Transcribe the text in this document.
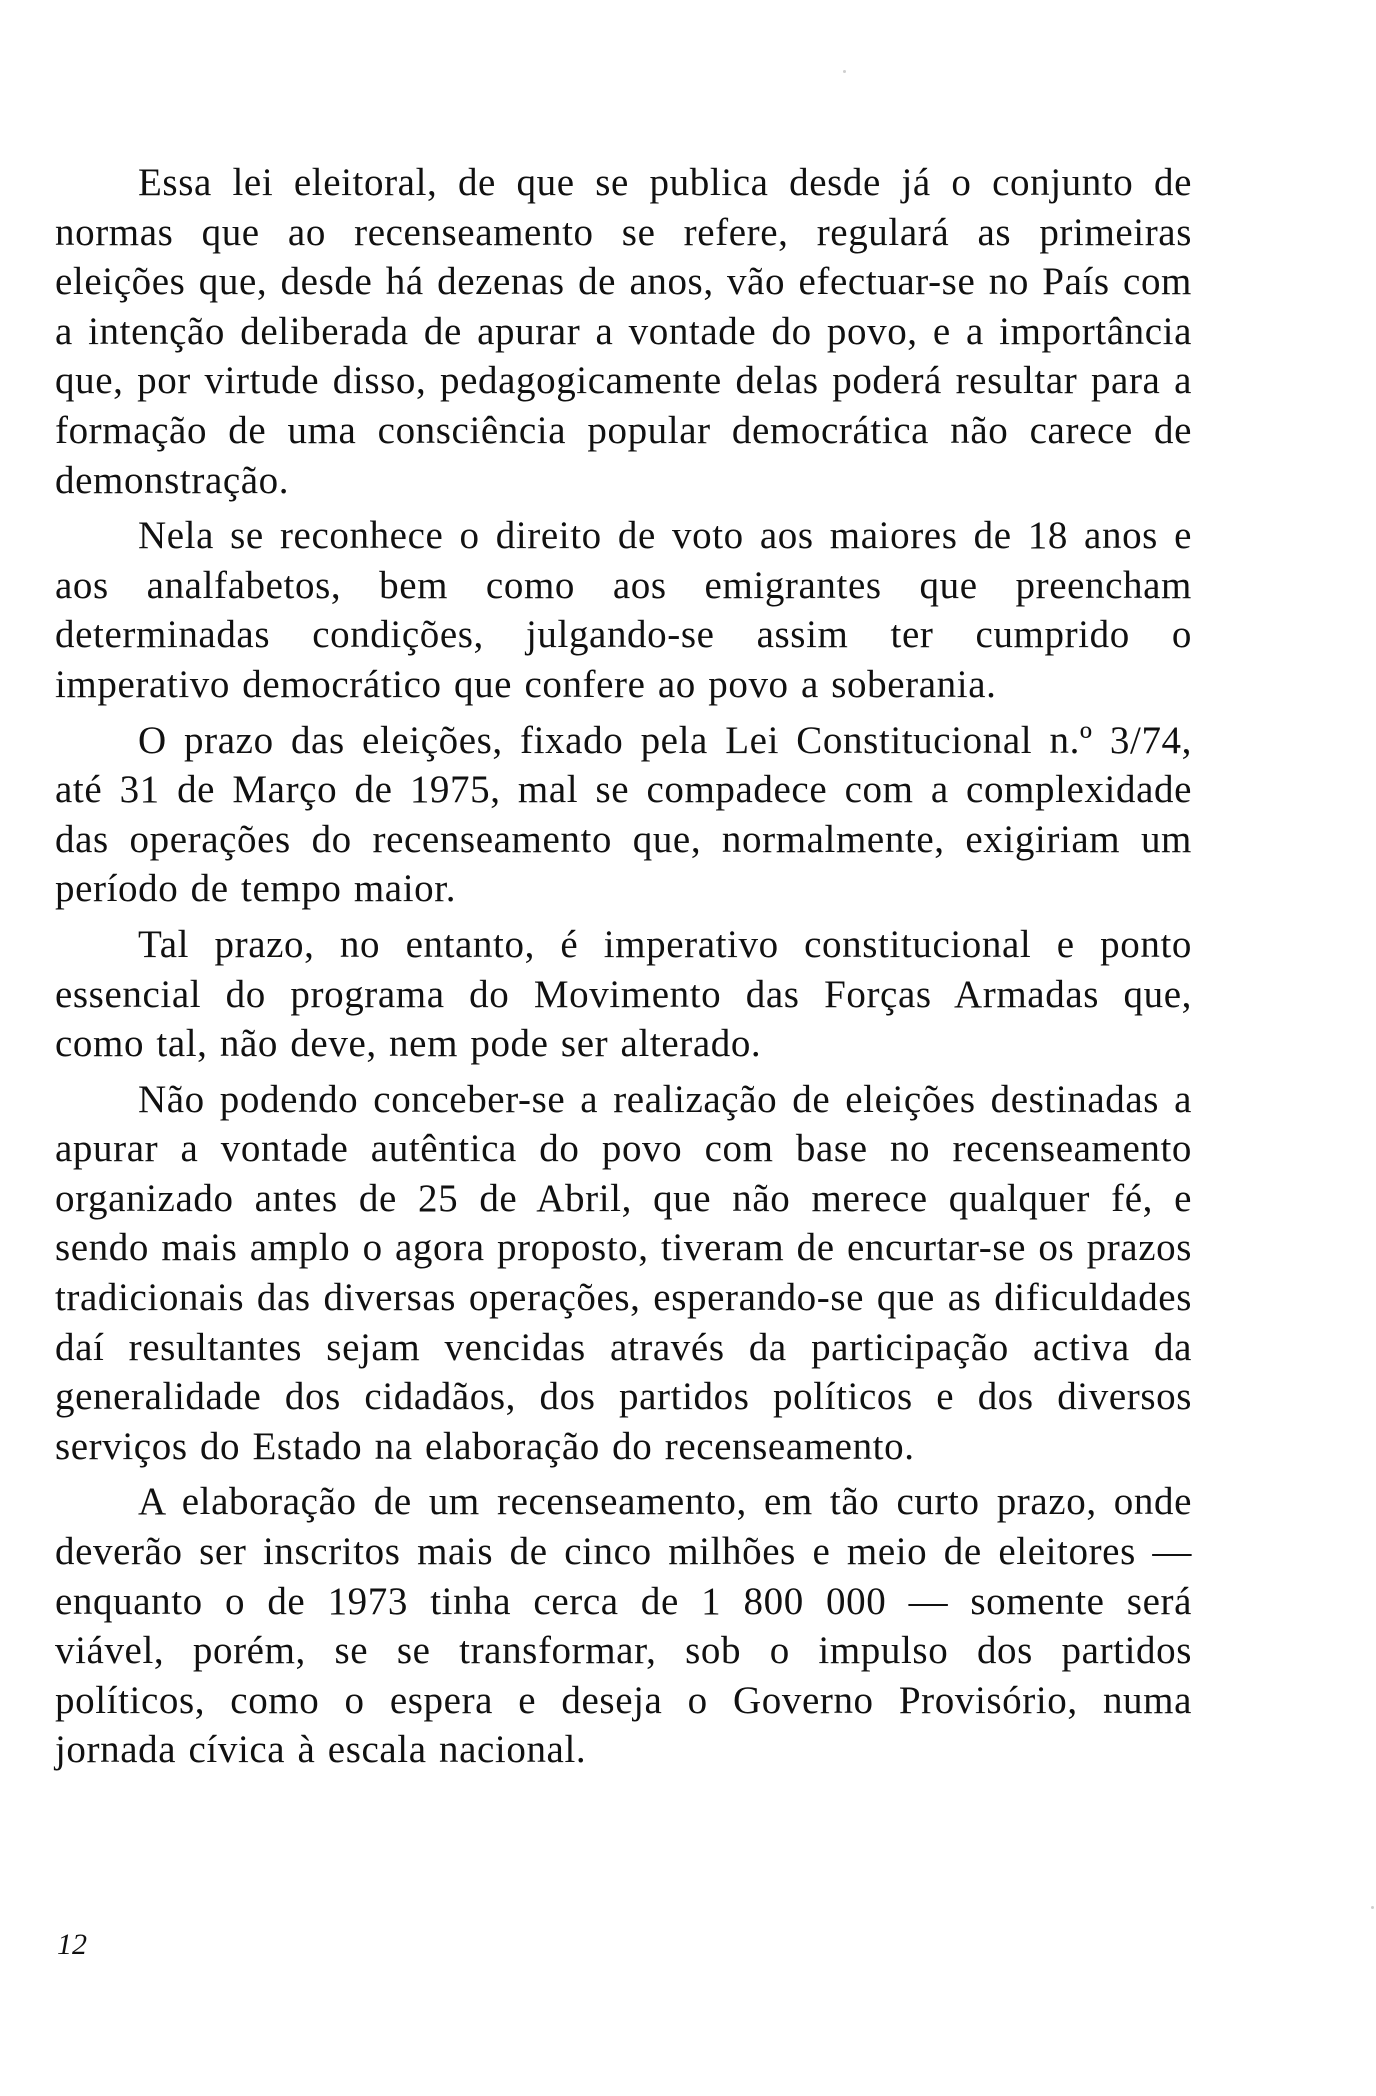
Essa lei eleitoral, de que se publica desde já o conjunto de normas que ao recenseamento se refere, regulará as primeiras eleições que, desde há dezenas de anos, vão efectuar-se no País com a intenção deliberada de apurar a vontade do povo, e a importância que, por virtude disso, pedagogicamente delas poderá resultar para a formação de uma consciência popular democrática não carece de demonstração.

Nela se reconhece o direito de voto aos maiores de 18 anos e aos analfabetos, bem como aos emigrantes que preencham determinadas condições, julgando-se assim ter cumprido o imperativo democrático que confere ao povo a soberania.

O prazo das eleições, fixado pela Lei Constitucional n.º 3/74, até 31 de Março de 1975, mal se compadece com a complexidade das operações do recenseamento que, normalmente, exigiriam um período de tempo maior.

Tal prazo, no entanto, é imperativo constitucional e ponto essencial do programa do Movimento das Forças Armadas que, como tal, não deve, nem pode ser alterado.

Não podendo conceber-se a realização de eleições destinadas a apurar a vontade autêntica do povo com base no recenseamento organizado antes de 25 de Abril, que não merece qualquer fé, e sendo mais amplo o agora proposto, tiveram de encurtar-se os prazos tradicionais das diversas operações, esperando-se que as dificuldades daí resultantes sejam vencidas através da participação activa da generalidade dos cidadãos, dos partidos políticos e dos diversos serviços do Estado na elaboração do recenseamento.

A elaboração de um recenseamento, em tão curto prazo, onde deverão ser inscritos mais de cinco milhões e meio de eleitores — enquanto o de 1973 tinha cerca de 1 800 000 — somente será viável, porém, se se transformar, sob o impulso dos partidos políticos, como o espera e deseja o Governo Provisório, numa jornada cívica à escala nacional.

12
